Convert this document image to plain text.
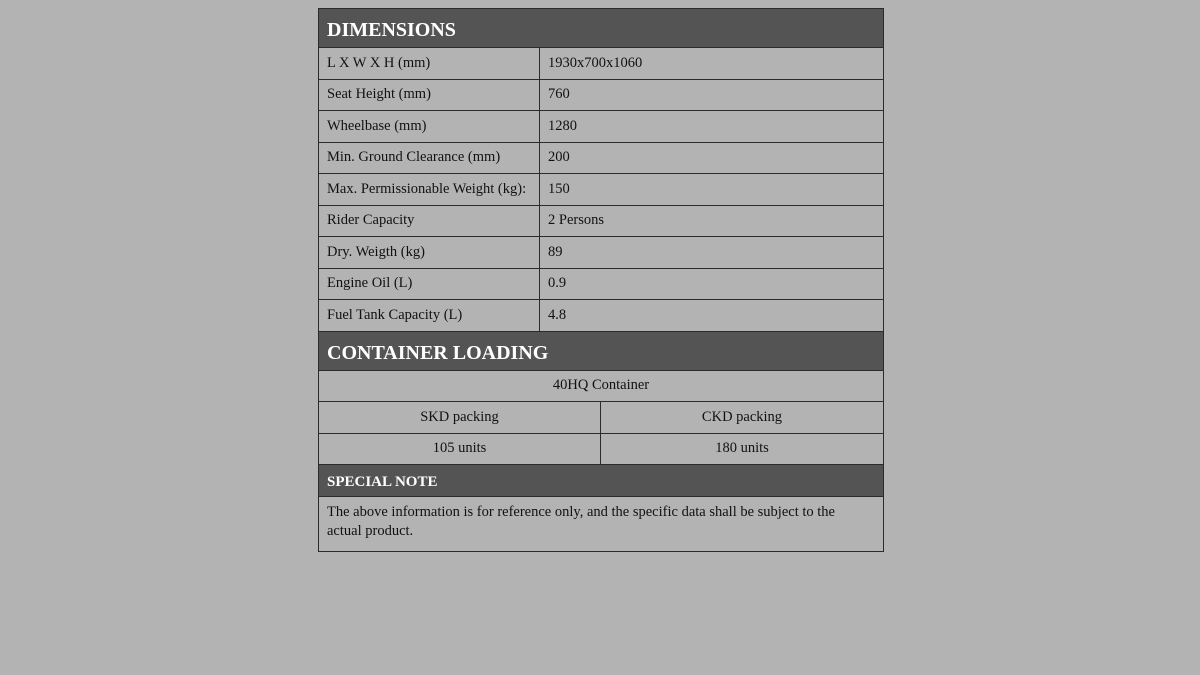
DIMENSIONS
L X W X H (mm)	1930x700x1060
Seat Height (mm)	760
Wheelbase (mm)	1280
Min. Ground Clearance (mm)	200
Max. Permissionable Weight (kg):	150
Rider Capacity	2 Persons
Dry. Weigth (kg)	89
Engine Oil (L)	0.9
Fuel Tank Capacity (L)	4.8
CONTAINER LOADING
40HQ Container
SKD packing	CKD packing
105 units	180 units
SPECIAL NOTE
The above information is for reference only, and the specific data shall be subject to the actual product.
